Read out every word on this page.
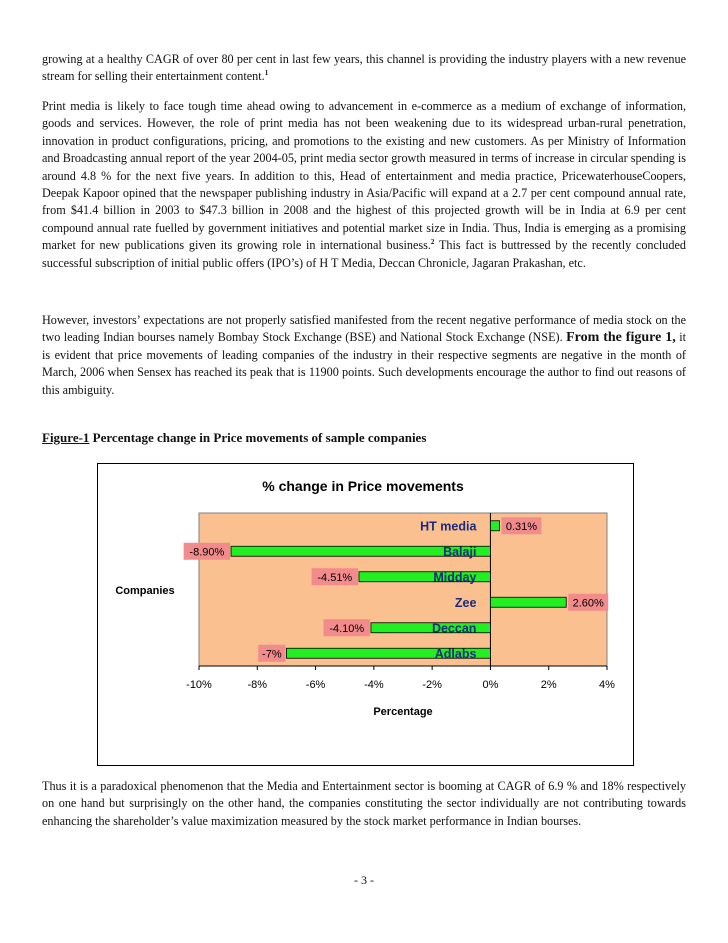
growing at a healthy CAGR of over 80 per cent in last few years, this channel is providing the industry players with a new revenue stream for selling their entertainment content.$^1$

Print media is likely to face tough time ahead owing to advancement in e-commerce as a medium of exchange of information, goods and services. However, the role of print media has not been weakening due to its widespread urban-rural penetration, innovation in product configurations, pricing, and promotions to the existing and new customers. As per Ministry of Information and Broadcasting annual report of the year 2004-05, print media sector growth measured in terms of increase in circular spending is around 4.8 % for the next five years. In addition to this, Head of entertainment and media practice, PricewaterhouseCoopers, Deepak Kapoor opined that the newspaper publishing industry in Asia/Pacific will expand at a 2.7 per cent compound annual rate, from $41.4 billion in 2003 to $47.3 billion in 2008 and the highest of this projected growth will be in India at 6.9 per cent compound annual rate fuelled by government initiatives and potential market size in India. Thus, India is emerging as a promising market for new publications given its growing role in international business.$^2$ This fact is buttressed by the recently concluded successful subscription of initial public offers (IPO’s) of H T Media, Deccan Chronicle, Jagaran Prakashan, etc.

However, investors’ expectations are not properly satisfied manifested from the recent negative performance of media stock on the two leading Indian bourses namely Bombay Stock Exchange (BSE) and National Stock Exchange (NSE). From the figure 1, it is evident that price movements of leading companies of the industry in their respective segments are negative in the month of March, 2006 when Sensex has reached its peak that is 11900 points. Such developments encourage the author to find out reasons of this ambiguity.

Figure-1 Percentage change in Price movements of sample companies

Thus it is a paradoxical phenomenon that the Media and Entertainment sector is booming at CAGR of 6.9 % and 18% respectively on one hand but surprisingly on the other hand, the companies constituting the sector individually are not contributing towards enhancing the shareholder’s value maximization measured by the stock market performance in Indian bourses.

- 3 -
% change in Price movements
-10%	-8%	-6%	-4%	-2%	0%	2%	4%
HT media	0.31%
Balaji
-8.90%
Midday
-4.51%
Zee	2.60%
Deccan
-4.10%
Adlabs
-7%
Companies
Percentage
